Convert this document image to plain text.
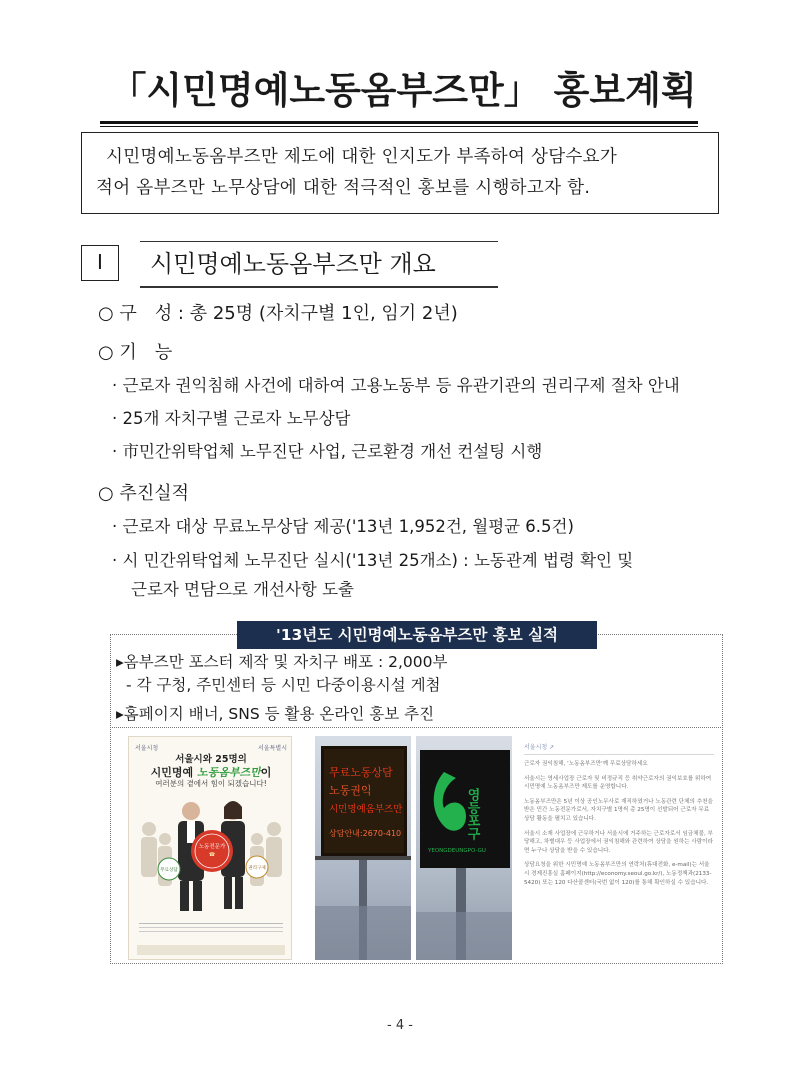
「시민명예노동옴부즈만」 홍보계획
시민명예노동옴부즈만 제도에 대한 인지도가 부족하여 상담수요가
적어 옴부즈만 노무상담에 대한 적극적인 홍보를 시행하고자 함.
Ⅰ	시민명예노동옴부즈만 개요
○ 구　성 : 총 25명 (자치구별 1인, 임기 2년)
○ 기　능
· 근로자 권익침해 사건에 대하여 고용노동부 등 유관기관의 권리구제 절차 안내
· 25개 자치구별 근로자 노무상담
· 市민간위탁업체 노무진단 사업, 근로환경 개선 컨설팅 시행
○ 추진실적
· 근로자 대상 무료노무상담 제공('13년 1,952건, 월평균 6.5건)
· 시 민간위탁업체 노무진단 실시('13년 25개소) : 노동관계 법령 확인 및
근로자 면담으로 개선사항 도출
'13년도 시민명예노동옴부즈만 홍보 실적
▸옴부즈만 포스터 제작 및 자치구 배포 : 2,000부
- 각 구청, 주민센터 등 시민 다중이용시설 게첨
▸홈페이지 배너, SNS 등 활용 온라인 홍보 추진
서울시청	서울특별시
서울시와 25명의
시민명예 노동옴부즈만이
여러분의 곁에서 힘이 되겠습니다!
노동전문가
☎
무료상담	권리구제
무료노동상담
노동권익
시민명예옴부즈만
상담안내:2670-410	영등포구
YEONGDEUNGPO-GU
서울시청 ↗

근로자 권익침해, '노동옴부즈만'께 무료상담하세요

서울시는 영세사업장 근로자 및 비정규직 등 취약근로자의 권익보호를 위하여 시민명예 노동옴부즈만 제도를 운영합니다.

노동옴부즈만은 5년 이상 공인노무사로 재직하였거나 노동관련 단체의 추천을 받은 민간 노동전문가로서, 자치구별 1명씩 총 25명이 선발되어 근로자 무료상담 활동을 펼치고 있습니다.

서울시 소재 사업장에 근무하거나 서울시에 거주하는 근로자로서 임금체불, 부당해고, 차별대우 등 사업장에서 권익침해와 관련하여 상담을 원하는 사람이라면 누구나 상담을 받을 수 있습니다.

상담요청을 위한 시민명예 노동옴부즈만의 연락처(휴대전화, e-mail)는 서울시 경제진흥실 홈페이지(http://economy.seoul.go.kr/), 노동정책과(2133-5420) 또는 120 다산콜센터(국번 없이 120)를 통해 확인하실 수 있습니다.

- 4 -
